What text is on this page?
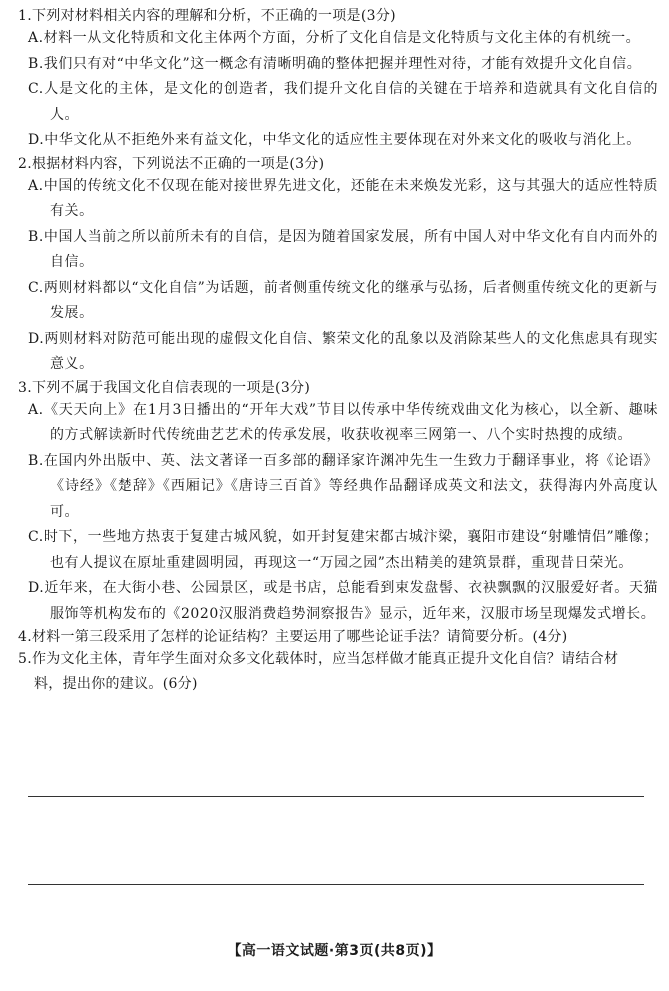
1.下列对材料相关内容的理解和分析，不正确的一项是(3分)

A.材料一从文化特质和文化主体两个方面，分析了文化自信是文化特质与文化主体的有机统一。

B.我们只有对“中华文化”这一概念有清晰明确的整体把握并理性对待，才能有效提升文化自信。

C.人是文化的主体，是文化的创造者，我们提升文化自信的关键在于培养和造就具有文化自信的人。

D.中华文化从不拒绝外来有益文化，中华文化的适应性主要体现在对外来文化的吸收与消化上。

2.根据材料内容，下列说法不正确的一项是(3分)

A.中国的传统文化不仅现在能对接世界先进文化，还能在未来焕发光彩，这与其强大的适应性特质有关。

B.中国人当前之所以前所未有的自信，是因为随着国家发展，所有中国人对中华文化有自内而外的自信。

C.两则材料都以“文化自信”为话题，前者侧重传统文化的继承与弘扬，后者侧重传统文化的更新与发展。

D.两则材料对防范可能出现的虚假文化自信、繁荣文化的乱象以及消除某些人的文化焦虑具有现实意义。

3.下列不属于我国文化自信表现的一项是(3分)

A.《天天向上》在1月3日播出的“开年大戏”节目以传承中华传统戏曲文化为核心，以全新、趣味的方式解读新时代传统曲艺艺术的传承发展，收获收视率三网第一、八个实时热搜的成绩。

B.在国内外出版中、英、法文著译一百多部的翻译家许渊冲先生一生致力于翻译事业，将《论语》《诗经》《楚辞》《西厢记》《唐诗三百首》等经典作品翻译成英文和法文，获得海内外高度认可。

C.时下，一些地方热衷于复建古城风貌，如开封复建宋都古城汴梁，襄阳市建设“射雕情侣”雕像；也有人提议在原址重建圆明园，再现这一“万园之园”杰出精美的建筑景群，重现昔日荣光。

D.近年来，在大街小巷、公园景区，或是书店，总能看到束发盘髻、衣袂飘飘的汉服爱好者。天猫服饰等机构发布的《2020汉服消费趋势洞察报告》显示，近年来，汉服市场呈现爆发式增长。

4.材料一第三段采用了怎样的论证结构？主要运用了哪些论证手法？请简要分析。(4分)

5.作为文化主体，青年学生面对众多文化载体时，应当怎样做才能真正提升文化自信？请结合材

料，提出你的建议。(6分)

【高一语文试题·第3页(共8页)】
